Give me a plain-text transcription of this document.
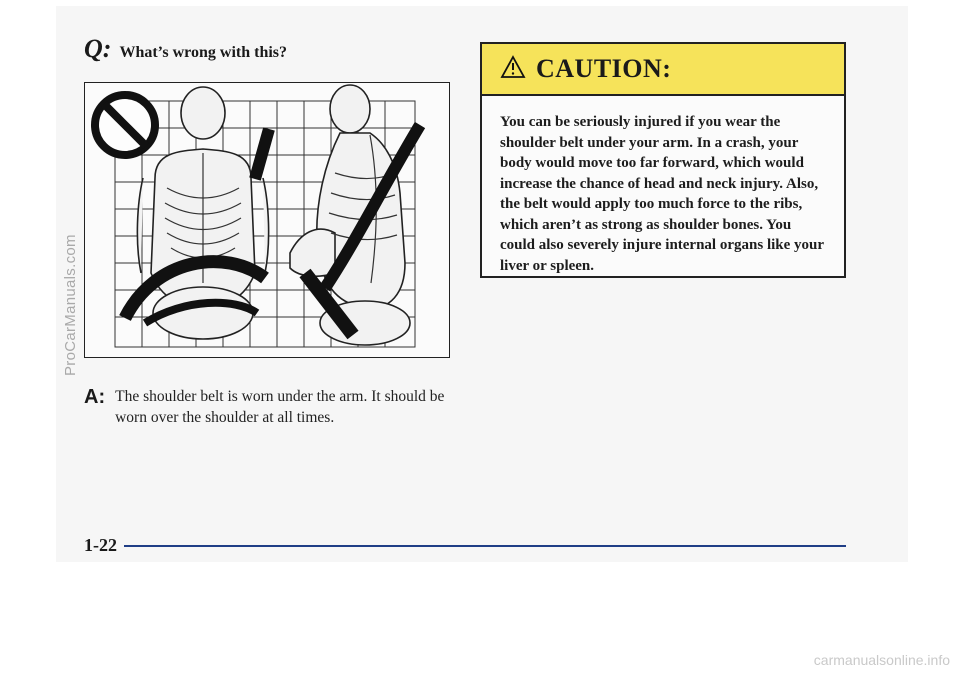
Q: What’s wrong with this?
ProCarManuals.com
A: The shoulder belt is worn under the arm. It should be worn over the shoulder at all times.
CAUTION:
You can be seriously injured if you wear the shoulder belt under your arm. In a crash, your body would move too far forward, which would increase the chance of head and neck injury. Also, the belt would apply too much force to the ribs, which aren’t as strong as shoulder bones. You could also severely injure internal organs like your liver or spleen.
1-22
carmanualsonline.info
